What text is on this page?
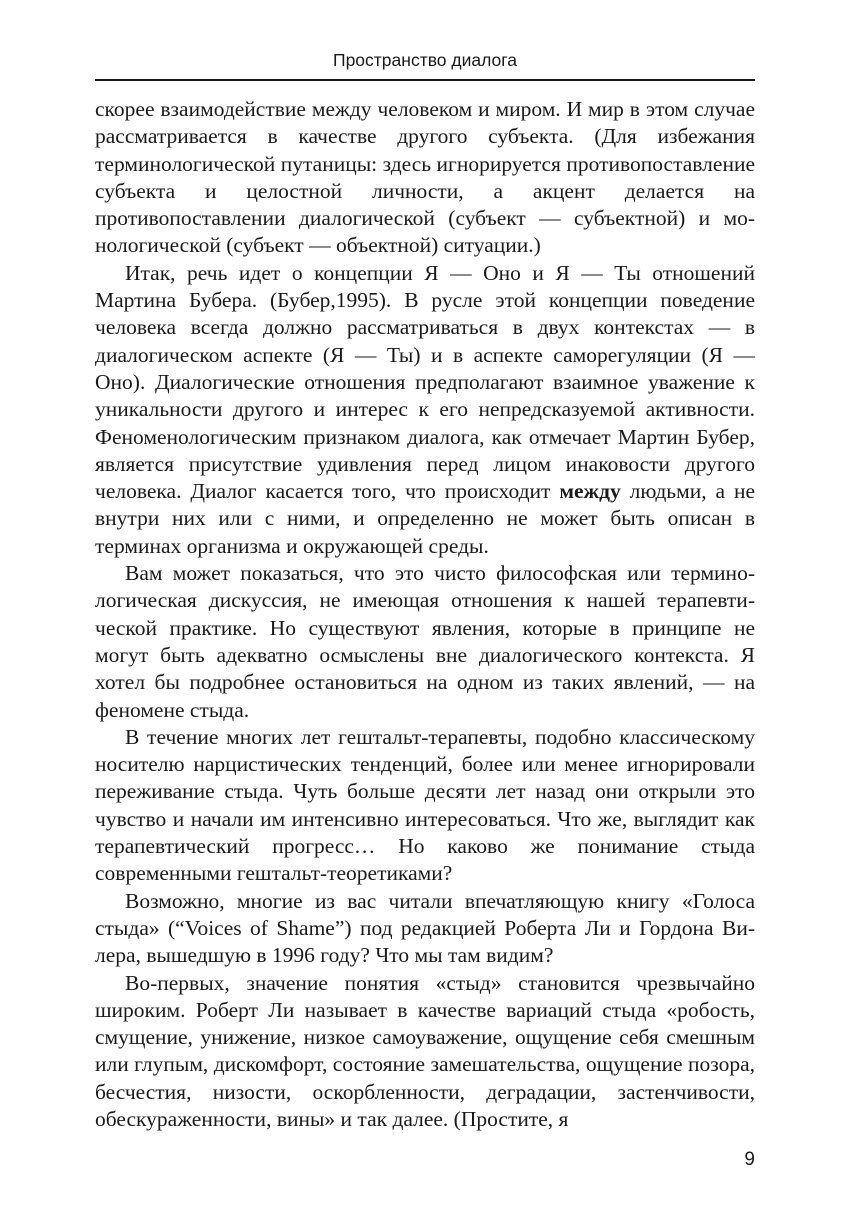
Пространство диалога

скорее взаимодействие между человеком и миром. И мир в этом случае рассматривается в качестве другого субъекта. (Для избежания терминологической путаницы: здесь игнорируется противопоставление субъекта и целостной личности, а акцент делается на противопоставлении диалогической (субъект — субъектной) и монологической (субъект — объектной) ситуации.)

Итак, речь идет о концепции Я — Оно и Я — Ты отношений Мартина Бубера. (Бубер,1995). В русле этой концепции поведение человека всегда должно рассматриваться в двух контекстах — в диалогическом аспекте (Я — Ты) и в аспекте саморегуляции (Я — Оно). Диалогические отношения предполагают взаимное уважение к уникальности другого и интерес к его непредсказуемой активности. Феноменологическим признаком диалога, как отмечает Мартин Бубер, является присутствие удивления перед лицом инаковости другого человека. Диалог касается того, что происходит между людьми, а не внутри них или с ними, и определенно не может быть описан в терминах организма и окружающей среды.

Вам может показаться, что это чисто философская или терминологическая дискуссия, не имеющая отношения к нашей терапевтической практике. Но существуют явления, которые в принципе не могут быть адекватно осмыслены вне диалогического контекста. Я хотел бы подробнее остановиться на одном из таких явлений, — на феномене стыда.

В течение многих лет гештальт-терапевты, подобно классическому носителю нарцистических тенденций, более или менее игнорировали переживание стыда. Чуть больше десяти лет назад они открыли это чувство и начали им интенсивно интересоваться. Что же, выглядит как терапевтический прогресс… Но каково же понимание стыда современными гештальт-теоретиками?

Возможно, многие из вас читали впечатляющую книгу «Голоса стыда» (“Voices of Shame”) под редакцией Роберта Ли и Гордона Вилера, вышедшую в 1996 году? Что мы там видим?

Во-первых, значение понятия «стыд» становится чрезвычайно широким. Роберт Ли называет в качестве вариаций стыда «робость, смущение, унижение, низкое самоуважение, ощущение себя смешным или глупым, дискомфорт, состояние замешательства, ощущение позора, бесчестия, низости, оскорбленности, деградации, застенчивости, обескураженности, вины» и так далее. (Простите, я

9
